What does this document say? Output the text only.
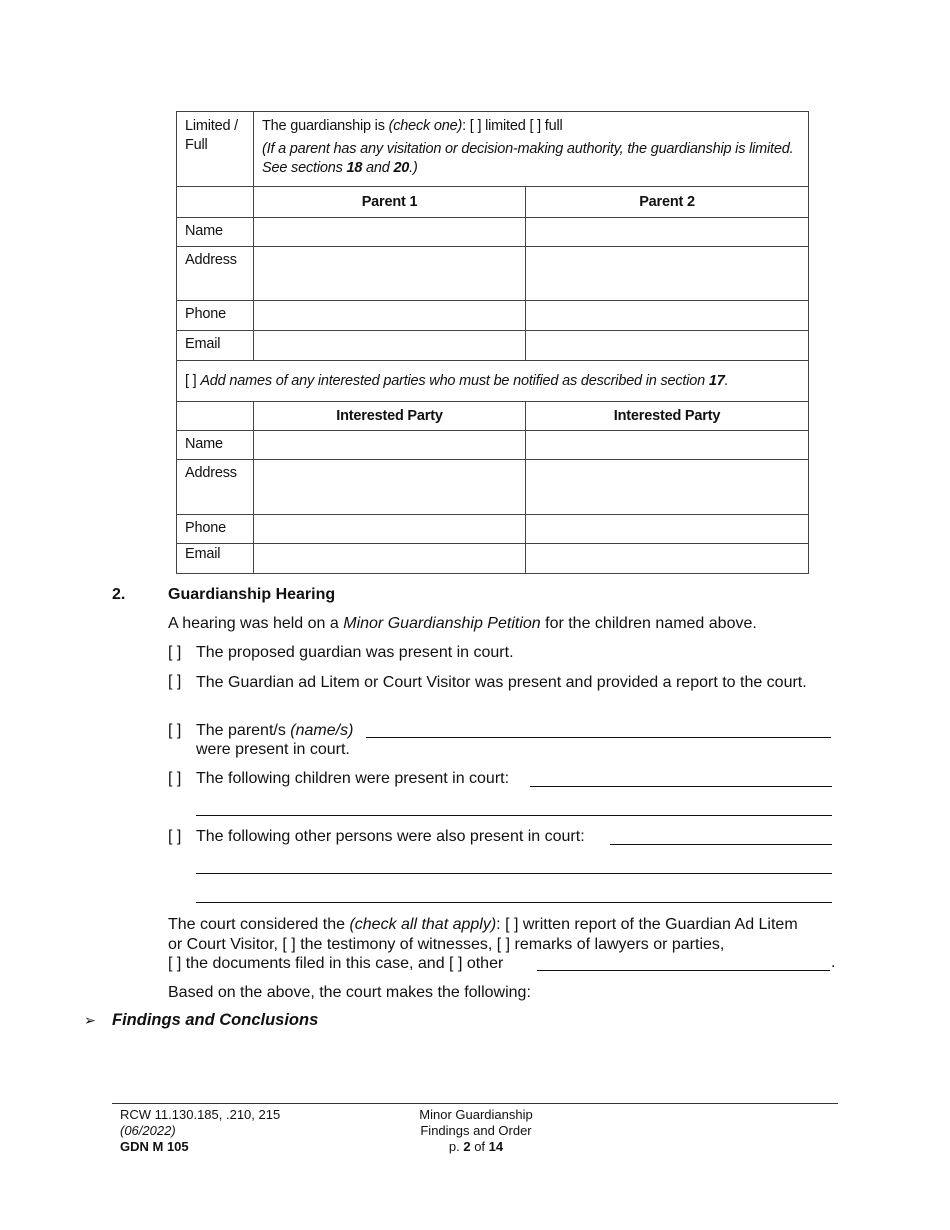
Limited / Full	The guardianship is (check one): [ ] limited [ ] full
(If a parent has any visitation or decision-making authority, the guardianship is limited. See sections 18 and 20.)	

	Parent 1	Parent 2
Name		
Address		
Phone		
Email		
[ ] Add names of any interested parties who must be notified as described in section 17.		
	Interested Party	Interested Party
Name		
Address		
Phone		
Email		
2.	Guardianship Hearing
A hearing was held on a Minor Guardianship Petition for the children named above.
[ ] The proposed guardian was present in court.
[ ] The Guardian ad Litem or Court Visitor was present and provided a report to the court.
[ ] The parent/s (name/s)
were present in court.
[ ] The following children were present in court:
[ ] The following other persons were also present in court:
The court considered the (check all that apply): [ ] written report of the Guardian Ad Litem
or Court Visitor, [ ] the testimony of witnesses, [ ] remarks of lawyers or parties,
[ ] the documents filed in this case, and [ ] other	.
Based on the above, the court makes the following:
➢ Findings and Conclusions
RCW 11.130.185, .210, 215
(06/2022)
GDN M 105
Minor Guardianship
Findings and Order
p. 2 of 14
